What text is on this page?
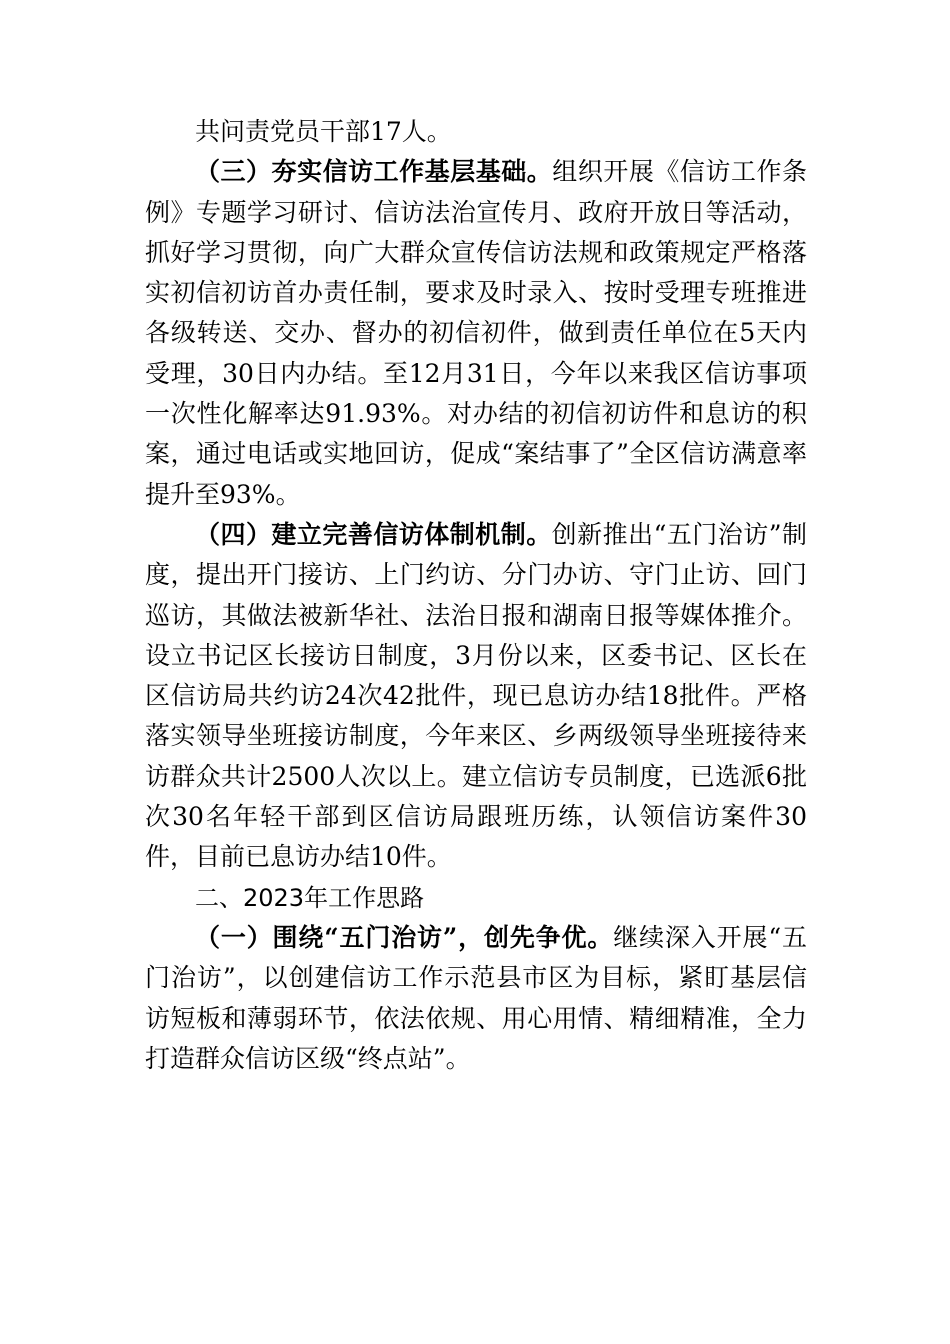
共问责党员干部17人。

（三）夯实信访工作基层基础。组织开展《信访工作条例》专题学习研讨、信访法治宣传月、政府开放日等活动，抓好学习贯彻，向广大群众宣传信访法规和政策规定严格落实初信初访首办责任制，要求及时录入、按时受理专班推进各级转送、交办、督办的初信初件，做到责任单位在5天内受理，30日内办结。至12月31日，今年以来我区信访事项一次性化解率达91.93%。对办结的初信初访件和息访的积案，通过电话或实地回访，促成“案结事了”全区信访满意率提升至93%。

（四）建立完善信访体制机制。创新推出“五门治访”制度，提出开门接访、上门约访、分门办访、守门止访、回门巡访，其做法被新华社、法治日报和湖南日报等媒体推介。设立书记区长接访日制度，3月份以来，区委书记、区长在区信访局共约访24次42批件，现已息访办结18批件。严格落实领导坐班接访制度，今年来区、乡两级领导坐班接待来访群众共计2500人次以上。建立信访专员制度，已选派6批次30名年轻干部到区信访局跟班历练，认领信访案件30件，目前已息访办结10件。

二、2023年工作思路

（一）围绕“五门治访”，创先争优。继续深入开展“五门治访”，以创建信访工作示范县市区为目标，紧盯基层信访短板和薄弱环节，依法依规、用心用情、精细精准，全力打造群众信访区级“终点站”。
